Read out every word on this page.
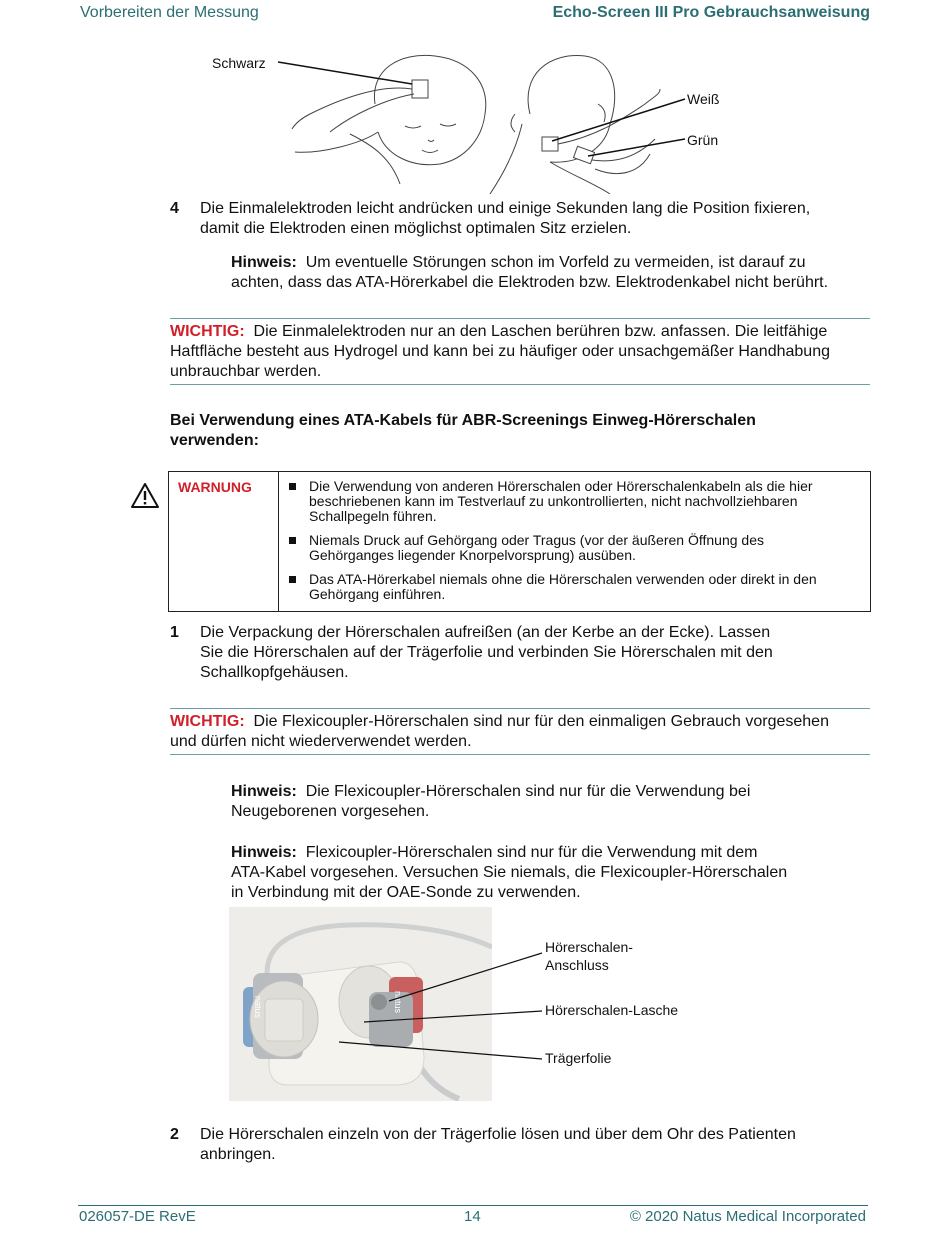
Vorbereiten der Messung	Echo-Screen III Pro Gebrauchsanweisung
Schwarz
Weiß
Grün
4 Die Einmalelektroden leicht andrücken und einige Sekunden lang die Position fixieren,
damit die Elektroden einen möglichst optimalen Sitz erzielen.
Hinweis: Um eventuelle Störungen schon im Vorfeld zu vermeiden, ist darauf zu
achten, dass das ATA-Hörerkabel die Elektroden bzw. Elektrodenkabel nicht berührt.
WICHTIG: Die Einmalelektroden nur an den Laschen berühren bzw. anfassen. Die leitfähige
Haftfläche besteht aus Hydrogel und kann bei zu häufiger oder unsachgemäßer Handhabung
unbrauchbar werden.
Bei Verwendung eines ATA-Kabels für ABR-Screenings Einweg-Hörerschalen
verwenden:
WARNUNG	Die Verwendung von anderen Hörerschalen oder Hörerschalenkabeln als die hier
beschriebenen kann im Testverlauf zu unkontrollierten, nicht nachvollziehbaren
Schallpegeln führen.
Niemals Druck auf Gehörgang oder Tragus (vor der äußeren Öffnung des
Gehörganges liegender Knorpelvorsprung) ausüben.
Das ATA-Hörerkabel niemals ohne die Hörerschalen verwenden oder direkt in den
Gehörgang einführen.
1 Die Verpackung der Hörerschalen aufreißen (an der Kerbe an der Ecke). Lassen
Sie die Hörerschalen auf der Trägerfolie und verbinden Sie Hörerschalen mit den
Schallkopfgehäusen.
WICHTIG: Die Flexicoupler-Hörerschalen sind nur für den einmaligen Gebrauch vorgesehen
und dürfen nicht wiederverwendet werden.
Hinweis: Die Flexicoupler-Hörerschalen sind nur für die Verwendung bei
Neugeborenen vorgesehen.
Hinweis: Flexicoupler-Hörerschalen sind nur für die Verwendung mit dem
ATA-Kabel vorgesehen. Versuchen Sie niemals, die Flexicoupler-Hörerschalen
in Verbindung mit der OAE-Sonde zu verwenden.
natus	natus
Hörerschalen-
Anschluss
Hörerschalen-Lasche
Trägerfolie
2 Die Hörerschalen einzeln von der Trägerfolie lösen und über dem Ohr des Patienten
anbringen.
026057-DE RevE	14	© 2020 Natus Medical Incorporated
